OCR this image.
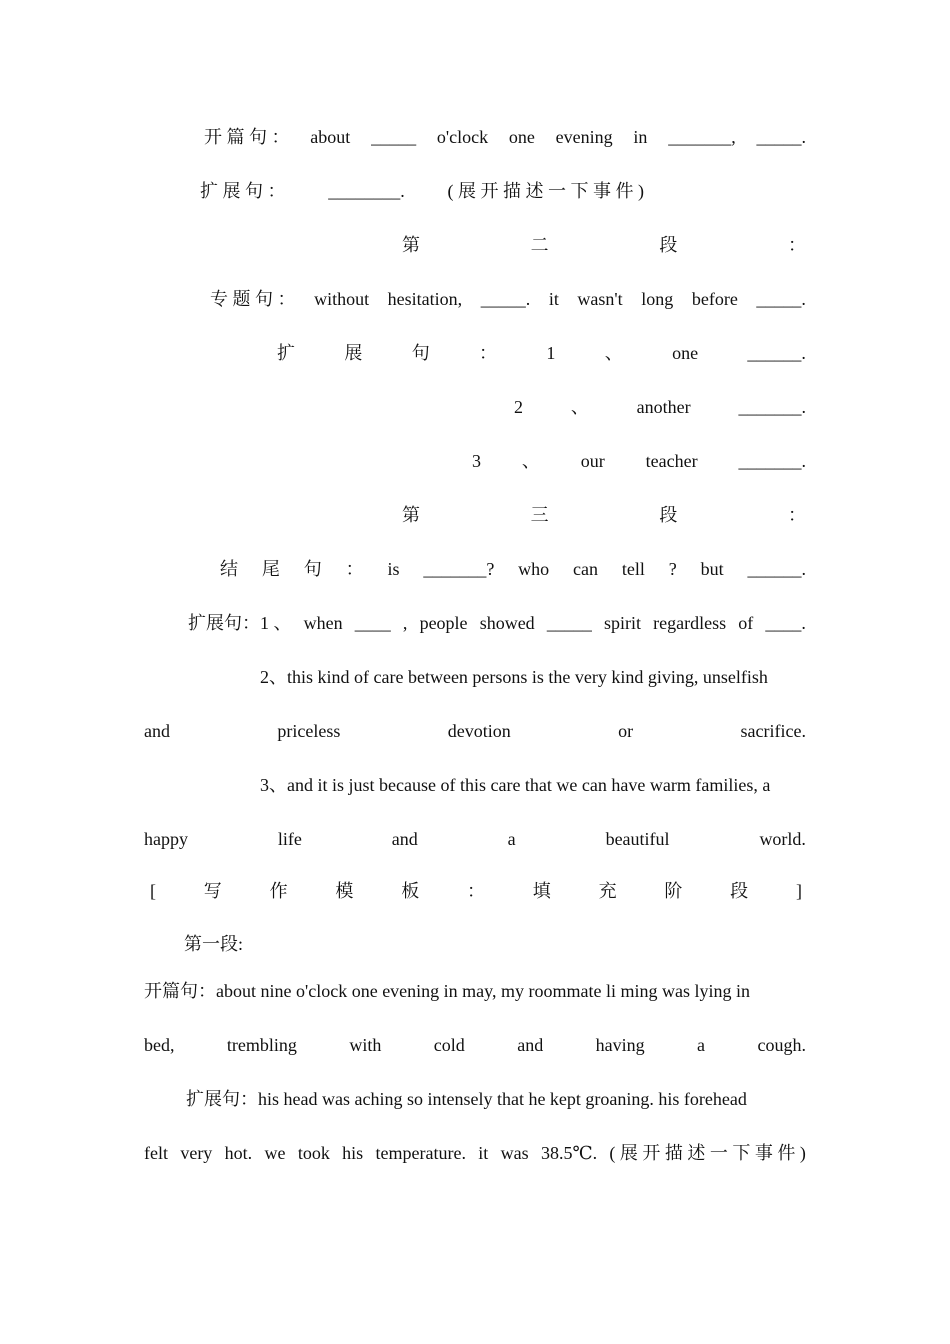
开 篇 句 ： about _____ o'clock one evening in _______, _____.
扩 展 句 ： ________. ( 展 开 描 述 一 下 事 件 )
第	二	段	：
专 题 句 ： without hesitation, _____. it wasn't long before _____.
扩	展	句	：	1	、	one	______.
2	、	another	_______.
3 、 our teacher _______.
第	三	段	：
结 尾 句 ： is _______? who can tell ? but ______.
扩展句：1 、 when ____ , people showed _____ spirit regardless of ____.
2、this kind of care between persons is the very kind giving, unselfish
and	priceless	devotion	or	sacrifice.
3、and it is just because of this care that we can have warm families, a
happy	life	and	a	beautiful	world.
[	写	作	模	板	：	填	充	阶	段	]
第一段:
开篇句：about nine o'clock one evening in may, my roommate li ming was lying in
bed,	trembling	with	cold	and	having	a	cough.
扩展句：his head was aching so intensely that he kept groaning. his forehead
felt very hot. we took his temperature. it was 38.5℃. ( 展 开 描 述 一 下 事 件 )
